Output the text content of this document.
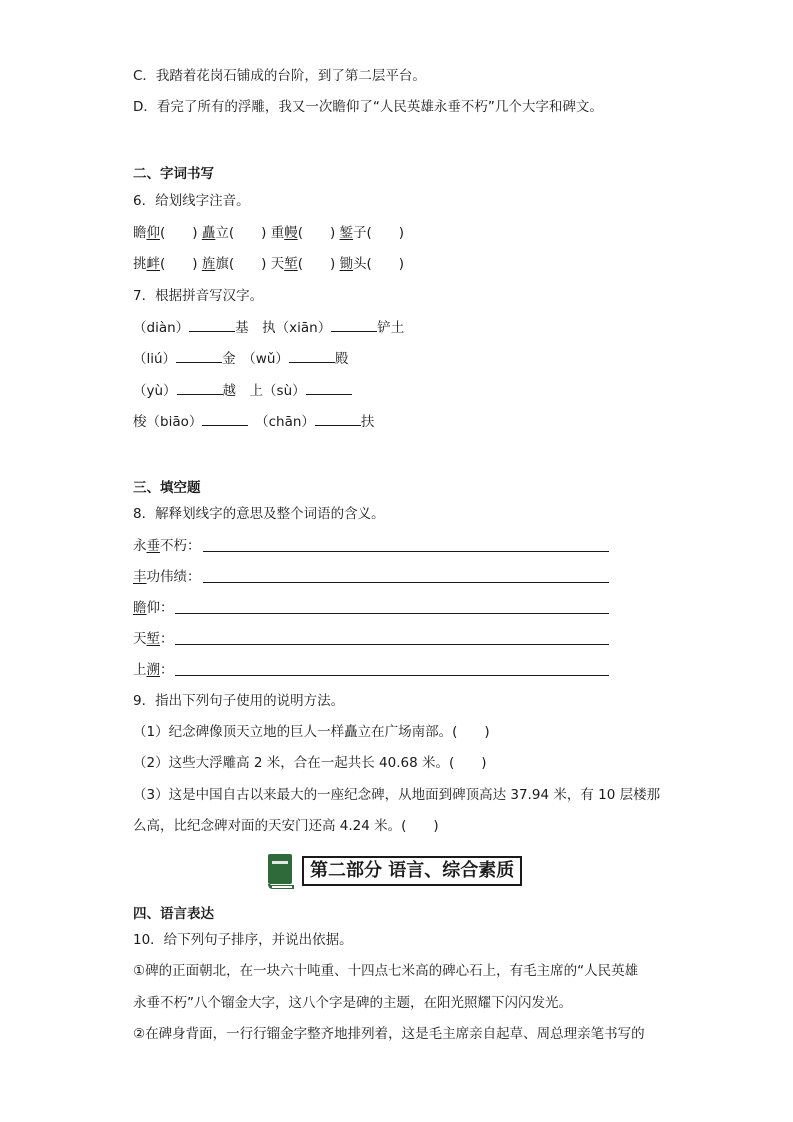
C．我踏着花岗石铺成的台阶，到了第二层平台。
D．看完了所有的浮雕，我又一次瞻仰了“人民英雄永垂不朽”几个大字和碑文。
二、字词书写
6．给划线字注音。
瞻仰(　　) 矗立(　　) 重幔(　　) 錾子(　　)
挑衅(　　) 旌旗(　　) 天堑(　　) 锄头(　　)
7．根据拼音写汉字。
（diàn）	基　执（xiān）	铲土
（liú）	金　（wǔ）	殿
（yù）	越　上（sù）
梭（biāo）	　（chān）	扶
三、填空题
8．解释划线字的意思及整个词语的含义。
永垂不朽：
丰功伟绩：
瞻仰：
天堑：
上溯：
9．指出下列句子使用的说明方法。
（1）纪念碑像顶天立地的巨人一样矗立在广场南部。(　　)
（2）这些大浮雕高 2 米，合在一起共长 40.68 米。(　　)
（3）这是中国自古以来最大的一座纪念碑，从地面到碑顶高达 37.94 米，有 10 层楼那
么高，比纪念碑对面的天安门还高 4.24 米。(　　)
第二部分 语言、综合素质
四、语言表达
10．给下列句子排序，并说出依据。
①碑的正面朝北，在一块六十吨重、十四点七米高的碑心石上，有毛主席的“人民英雄
永垂不朽”八个镏金大字，这八个字是碑的主题，在阳光照耀下闪闪发光。
②在碑身背面，一行行镏金字整齐地排列着，这是毛主席亲自起草、周总理亲笔书写的
